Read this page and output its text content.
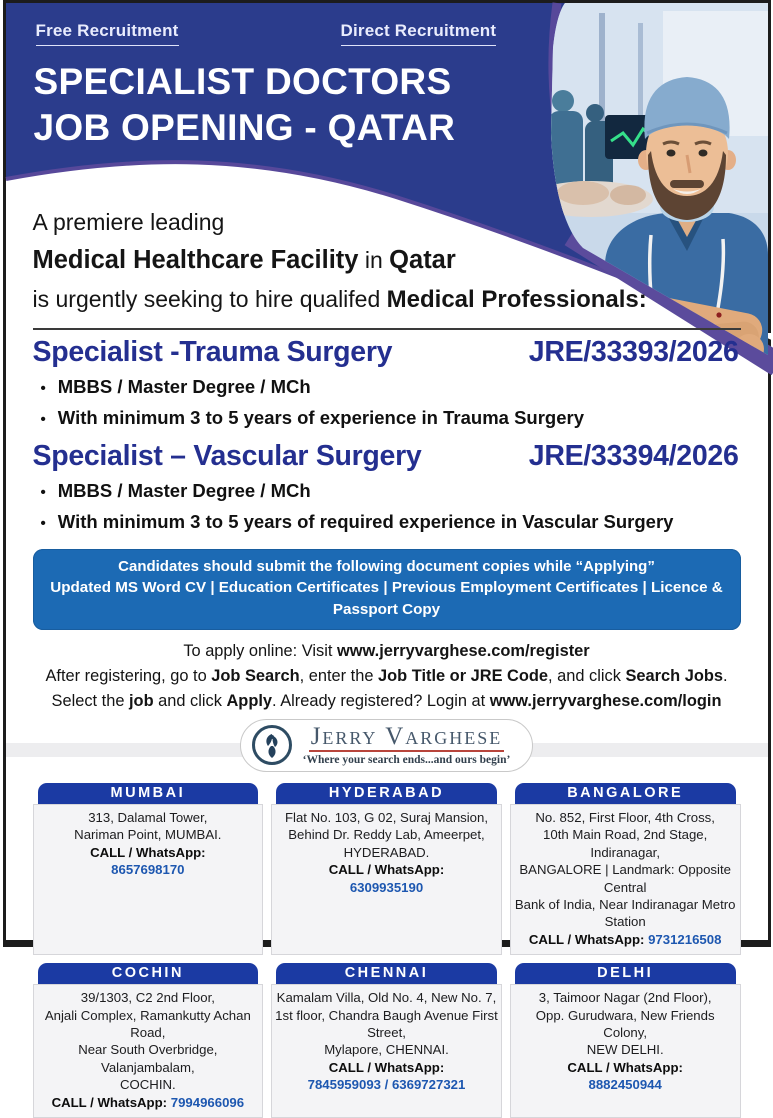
Free Recruitment	Direct Recruitment
SPECIALIST DOCTORS
JOB OPENING - QATAR
A premiere leading
Medical Healthcare Facility in Qatar
is urgently seeking to hire qualifed Medical Professionals:
Specialist -Trauma Surgery	JRE/33393/2026
• MBBS / Master Degree / MCh
• With minimum 3 to 5 years of experience in Trauma Surgery
Specialist – Vascular Surgery	JRE/33394/2026
• MBBS / Master Degree / MCh
• With minimum 3 to 5 years of required experience in Vascular Surgery
Candidates should submit the following document copies while “Applying”
Updated MS Word CV | Education Certificates | Previous Employment Certificates | Licence & Passport Copy
To apply online: Visit www.jerryvarghese.com/register
After registering, go to Job Search, enter the Job Title or JRE Code, and click Search Jobs.
Select the job and click Apply. Already registered? Login at www.jerryvarghese.com/login
Jerry Varghese
‘Where your search ends...and ours begin’
MUMBAI
313, Dalamal Tower,
Nariman Point, MUMBAI.
CALL / WhatsApp:
8657698170
HYDERABAD
Flat No. 103, G 02, Suraj Mansion,
Behind Dr. Reddy Lab, Ameerpet,
HYDERABAD.
CALL / WhatsApp:
6309935190
BANGALORE
No. 852, First Floor, 4th Cross,
10th Main Road, 2nd Stage, Indiranagar,
BANGALORE | Landmark: Opposite Central
Bank of India, Near Indiranagar Metro Station
CALL / WhatsApp: 9731216508
COCHIN
39/1303, C2 2nd Floor,
Anjali Complex, Ramankutty Achan Road,
Near South Overbridge, Valanjambalam,
COCHIN.
CALL / WhatsApp: 7994966096
CHENNAI
Kamalam Villa, Old No. 4, New No. 7,
1st floor, Chandra Baugh Avenue First Street,
Mylapore, CHENNAI.
CALL / WhatsApp:
7845959093 / 6369727321
DELHI
3, Taimoor Nagar (2nd Floor),
Opp. Gurudwara, New Friends Colony,
NEW DELHI.
CALL / WhatsApp:
8882450944
